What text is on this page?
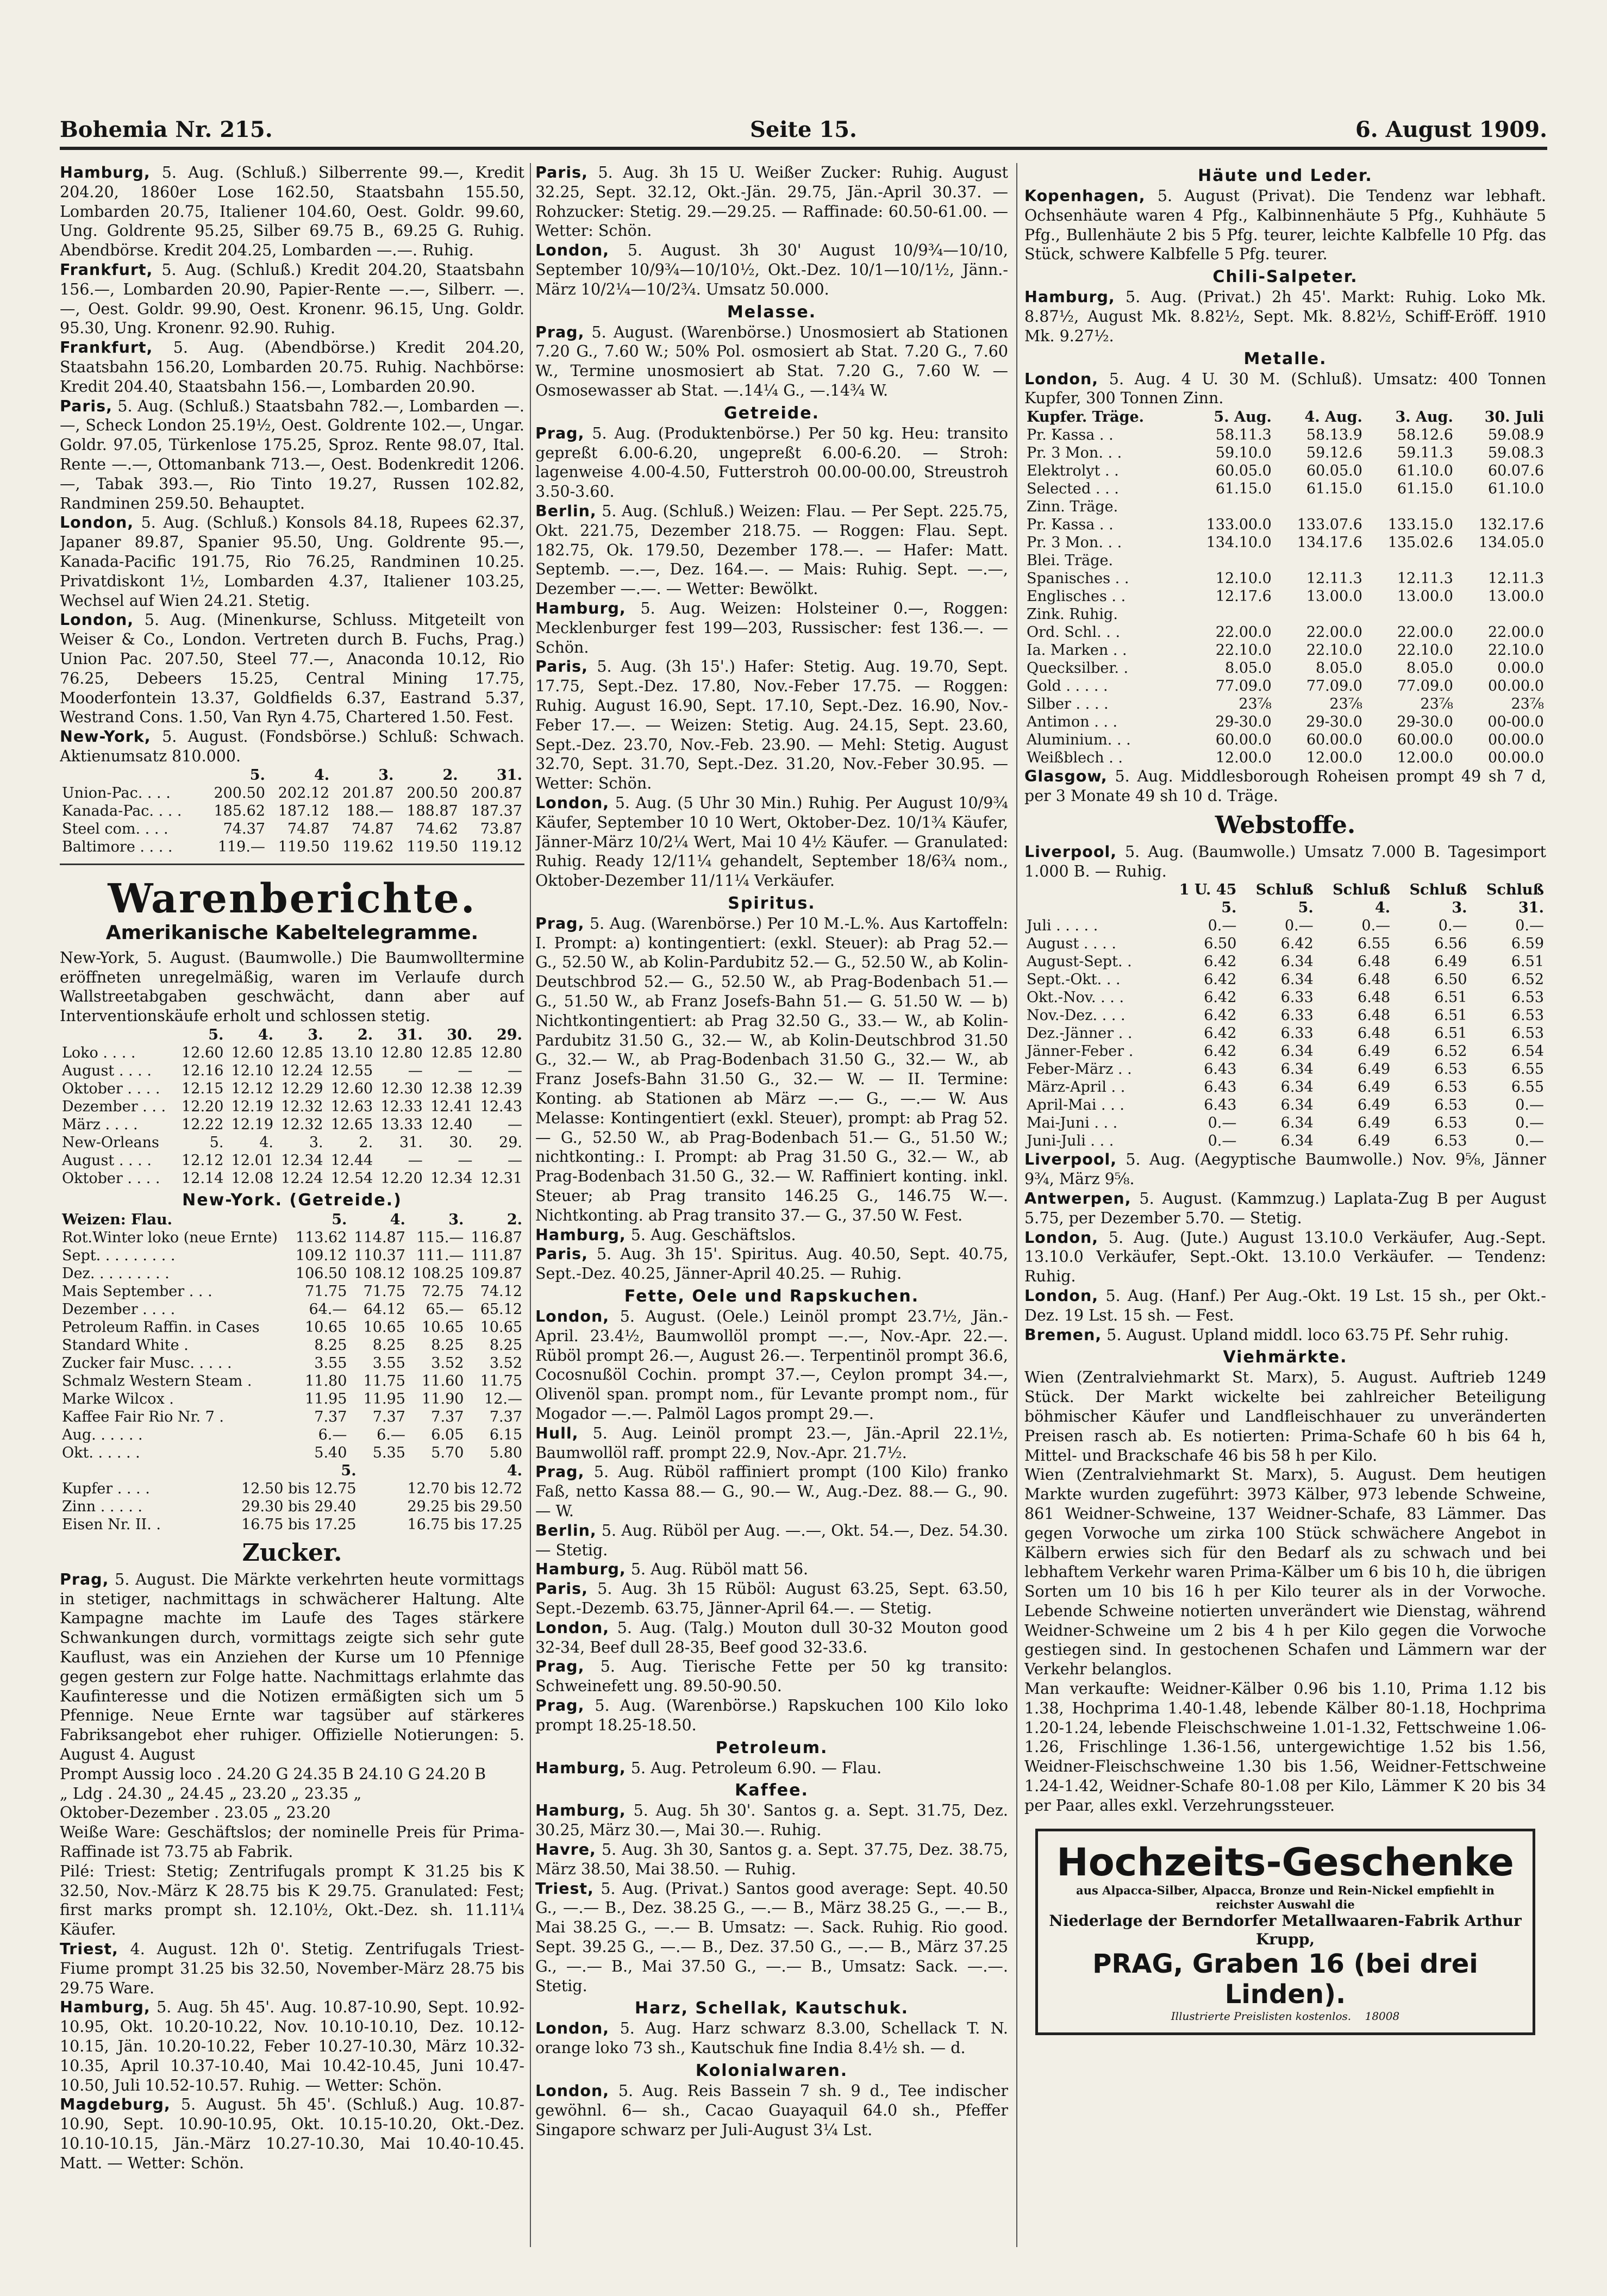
Bohemia Nr. 215.	Seite 15.	6. August 1909.

Hamburg, 5. Aug. (Schluß.) Silberrente 99.—, Kredit 204.20, 1860er Lose 162.50, Staatsbahn 155.50, Lombarden 20.75, Italiener 104.60, Oest. Goldr. 99.60, Ung. Goldrente 95.25, Silber 69.75 B., 69.25 G. Ruhig. Abendbörse. Kredit 204.25, Lombarden —.—. Ruhig.

Frankfurt, 5. Aug. (Schluß.) Kredit 204.20, Staatsbahn 156.—, Lombarden 20.90, Papier-Rente —.—, Silberr. —.—, Oest. Goldr. 99.90, Oest. Kronenr. 96.15, Ung. Goldr. 95.30, Ung. Kronenr. 92.90. Ruhig.

Frankfurt, 5. Aug. (Abendbörse.) Kredit 204.20, Staatsbahn 156.20, Lombarden 20.75. Ruhig. Nachbörse: Kredit 204.40, Staatsbahn 156.—, Lombarden 20.90.

Paris, 5. Aug. (Schluß.) Staatsbahn 782.—, Lombarden —.—, Scheck London 25.19½, Oest. Goldrente 102.—, Ungar. Goldr. 97.05, Türkenlose 175.25, Sproz. Rente 98.07, Ital. Rente —.—, Ottomanbank 713.—, Oest. Bodenkredit 1206.—, Tabak 393.—, Rio Tinto 19.27, Russen 102.82, Randminen 259.50. Behauptet.

London, 5. Aug. (Schluß.) Konsols 84.18, Rupees 62.37, Japaner 89.87, Spanier 95.50, Ung. Goldrente 95.—, Kanada-Pacific 191.75, Rio 76.25, Randminen 10.25. Privatdiskont 1½, Lombarden 4.37, Italiener 103.25, Wechsel auf Wien 24.21. Stetig.

London, 5. Aug. (Minenkurse, Schluss. Mitgeteilt von Weiser & Co., London. Vertreten durch B. Fuchs, Prag.) Union Pac. 207.50, Steel 77.—, Anaconda 10.12, Rio 76.25, Debeers 15.25, Central Mining 17.75, Mooderfontein 13.37, Goldfields 6.37, Eastrand 5.37, Westrand Cons. 1.50, Van Ryn 4.75, Chartered 1.50. Fest.

New-York, 5. August. (Fondsbörse.) Schluß: Schwach. Aktienumsatz 810.000.

	5.	4.	3.	2.	31.
Union-Pac. . . .	200.50	202.12	201.87	200.50	200.87
Kanada-Pac. . . .	185.62	187.12	188.—	188.87	187.37
Steel com. . . .	74.37	74.87	74.87	74.62	73.87
Baltimore . . . .	119.—	119.50	119.62	119.50	119.12
Warenberichte.
Amerikanische Kabeltelegramme.

New-York, 5. August. (Baumwolle.) Die Baumwolltermine eröffneten unregelmäßig, waren im Verlaufe durch Wallstreetabgaben geschwächt, dann aber auf Interventionskäufe erholt und schlossen stetig.

	5.	4.	3.	2.	31.	30.	29.
Loko . . . .	12.60	12.60	12.85	13.10	12.80	12.85	12.80
August . . . .	12.16	12.10	12.24	12.55	—	—	—
Oktober . . . .	12.15	12.12	12.29	12.60	12.30	12.38	12.39
Dezember . . .	12.20	12.19	12.32	12.63	12.33	12.41	12.43
März . . . .	12.22	12.19	12.32	12.65	13.33	12.40	—
New-Orleans	5.	4.	3.	2.	31.	30.	29.
August . . . .	12.12	12.01	12.34	12.44	—	—	—
Oktober . . . .	12.14	12.08	12.24	12.54	12.20	12.34	12.31
New-York. (Getreide.)
Weizen: Flau.	5.	4.	3.	2.
Rot.Winter loko (neue Ernte)	113.62	114.87	115.—	116.87
Sept. . . . . . . . .	109.12	110.37	111.—	111.87
Dez. . . . . . . . .	106.50	108.12	108.25	109.87
Mais September . . .	71.75	71.75	72.75	74.12
Dezember . . . .	64.—	64.12	65.—	65.12
Petroleum Raffin. in Cases	10.65	10.65	10.65	10.65
Standard White .	8.25	8.25	8.25	8.25
Zucker fair Musc. . . . .	3.55	3.55	3.52	3.52
Schmalz Western Steam .	11.80	11.75	11.60	11.75
Marke Wilcox .	11.95	11.95	11.90	12.—
Kaffee Fair Rio Nr. 7 .	7.37	7.37	7.37	7.37
Aug. . . . . .	6.—	6.—	6.05	6.15
Okt. . . . . .	5.40	5.35	5.70	5.80
	5.		4.
Kupfer . . . .	12.50 bis 12.75		12.70 bis 12.72
Zinn . . . . .	29.30 bis 29.40		29.25 bis 29.50
Eisen Nr. II. .	16.75 bis 17.25		16.75 bis 17.25
Zucker.

Prag, 5. August. Die Märkte verkehrten heute vormittags in stetiger, nachmittags in schwächerer Haltung. Alte Kampagne machte im Laufe des Tages stärkere Schwankungen durch, vormittags zeigte sich sehr gute Kauflust, was ein Anziehen der Kurse um 10 Pfennige gegen gestern zur Folge hatte. Nachmittags erlahmte das Kaufinteresse und die Notizen ermäßigten sich um 5 Pfennige. Neue Ernte war tagsüber auf stärkeres Fabriksangebot eher ruhiger. Offizielle Notierungen: 5. August 4. August

Prompt Aussig loco . 24.20 G 24.35 B 24.10 G 24.20 B

„ Ldg . 24.30 „ 24.45 „ 23.20 „ 23.35 „

Oktober-Dezember . 23.05 „ 23.20

Weiße Ware: Geschäftslos; der nominelle Preis für Prima-Raffinade ist 73.75 ab Fabrik.

Pilé: Triest: Stetig; Zentrifugals prompt K 31.25 bis K 32.50, Nov.-März K 28.75 bis K 29.75. Granulated: Fest; first marks prompt sh. 12.10½, Okt.-Dez. sh. 11.11¼ Käufer.

Triest, 4. August. 12h 0'. Stetig. Zentrifugals Triest-Fiume prompt 31.25 bis 32.50, November-März 28.75 bis 29.75 Ware.

Hamburg, 5. Aug. 5h 45'. Aug. 10.87-10.90, Sept. 10.92-10.95, Okt. 10.20-10.22, Nov. 10.10-10.10, Dez. 10.12-10.15, Jän. 10.20-10.22, Feber 10.27-10.30, März 10.32-10.35, April 10.37-10.40, Mai 10.42-10.45, Juni 10.47-10.50, Juli 10.52-10.57. Ruhig. — Wetter: Schön.

Magdeburg, 5. August. 5h 45'. (Schluß.) Aug. 10.87-10.90, Sept. 10.90-10.95, Okt. 10.15-10.20, Okt.-Dez. 10.10-10.15, Jän.-März 10.27-10.30, Mai 10.40-10.45. Matt. — Wetter: Schön.

Paris, 5. Aug. 3h 15 U. Weißer Zucker: Ruhig. August 32.25, Sept. 32.12, Okt.-Jän. 29.75, Jän.-April 30.37. — Rohzucker: Stetig. 29.—29.25. — Raffinade: 60.50-61.00. — Wetter: Schön.

London, 5. August. 3h 30' August 10/9¾—10/10, September 10/9¾—10/10½, Okt.-Dez. 10/1—10/1½, Jänn.-März 10/2¼—10/2¾. Umsatz 50.000.

Melasse.

Prag, 5. August. (Warenbörse.) Unosmosiert ab Stationen 7.20 G., 7.60 W.; 50% Pol. osmosiert ab Stat. 7.20 G., 7.60 W., Termine unosmosiert ab Stat. 7.20 G., 7.60 W. — Osmosewasser ab Stat. —.14¼ G., —.14¾ W.

Getreide.

Prag, 5. Aug. (Produktenbörse.) Per 50 kg. Heu: transito gepreßt 6.00-6.20, ungepreßt 6.00-6.20. — Stroh: lagenweise 4.00-4.50, Futterstroh 00.00-00.00, Streustroh 3.50-3.60.

Berlin, 5. Aug. (Schluß.) Weizen: Flau. — Per Sept. 225.75, Okt. 221.75, Dezember 218.75. — Roggen: Flau. Sept. 182.75, Ok. 179.50, Dezember 178.—. — Hafer: Matt. Septemb. —.—, Dez. 164.—. — Mais: Ruhig. Sept. —.—, Dezember —.—. — Wetter: Bewölkt.

Hamburg, 5. Aug. Weizen: Holsteiner 0.—, Roggen: Mecklenburger fest 199—203, Russischer: fest 136.—. — Schön.

Paris, 5. Aug. (3h 15'.) Hafer: Stetig. Aug. 19.70, Sept. 17.75, Sept.-Dez. 17.80, Nov.-Feber 17.75. — Roggen: Ruhig. August 16.90, Sept. 17.10, Sept.-Dez. 16.90, Nov.-Feber 17.—. — Weizen: Stetig. Aug. 24.15, Sept. 23.60, Sept.-Dez. 23.70, Nov.-Feb. 23.90. — Mehl: Stetig. August 32.70, Sept. 31.70, Sept.-Dez. 31.20, Nov.-Feber 30.95. — Wetter: Schön.

London, 5. Aug. (5 Uhr 30 Min.) Ruhig. Per August 10/9¾ Käufer, September 10 10 Wert, Oktober-Dez. 10/1¾ Käufer, Jänner-März 10/2¼ Wert, Mai 10 4½ Käufer. — Granulated: Ruhig. Ready 12/11¼ gehandelt, September 18/6¾ nom., Oktober-Dezember 11/11¼ Verkäufer.

Spiritus.

Prag, 5. Aug. (Warenbörse.) Per 10 M.-L.%. Aus Kartoffeln: I. Prompt: a) kontingentiert: (exkl. Steuer): ab Prag 52.— G., 52.50 W., ab Kolin-Pardubitz 52.— G., 52.50 W., ab Kolin-Deutschbrod 52.— G., 52.50 W., ab Prag-Bodenbach 51.— G., 51.50 W., ab Franz Josefs-Bahn 51.— G. 51.50 W. — b) Nichtkontingentiert: ab Prag 32.50 G., 33.— W., ab Kolin-Pardubitz 31.50 G., 32.— W., ab Kolin-Deutschbrod 31.50 G., 32.— W., ab Prag-Bodenbach 31.50 G., 32.— W., ab Franz Josefs-Bahn 31.50 G., 32.— W. — II. Termine: Konting. ab Stationen ab März —.— G., —.— W. Aus Melasse: Kontingentiert (exkl. Steuer), prompt: ab Prag 52.— G., 52.50 W., ab Prag-Bodenbach 51.— G., 51.50 W.; nichtkonting.: I. Prompt: ab Prag 31.50 G., 32.— W., ab Prag-Bodenbach 31.50 G., 32.— W. Raffiniert konting. inkl. Steuer; ab Prag transito 146.25 G., 146.75 W.—. Nichtkonting. ab Prag transito 37.— G., 37.50 W. Fest.

Hamburg, 5. Aug. Geschäftslos.

Paris, 5. Aug. 3h 15'. Spiritus. Aug. 40.50, Sept. 40.75, Sept.-Dez. 40.25, Jänner-April 40.25. — Ruhig.

Fette, Oele und Rapskuchen.

London, 5. August. (Oele.) Leinöl prompt 23.7½, Jän.-April. 23.4½, Baumwollöl prompt —.—, Nov.-Apr. 22.—. Rüböl prompt 26.—, August 26.—. Terpentinöl prompt 36.6, Cocosnußöl Cochin. prompt 37.—, Ceylon prompt 34.—, Olivenöl span. prompt nom., für Levante prompt nom., für Mogador —.—. Palmöl Lagos prompt 29.—.

Hull, 5. Aug. Leinöl prompt 23.—, Jän.-April 22.1½, Baumwollöl raff. prompt 22.9, Nov.-Apr. 21.7½.

Prag, 5. Aug. Rüböl raffiniert prompt (100 Kilo) franko Faß, netto Kassa 88.— G., 90.— W., Aug.-Dez. 88.— G., 90.— W.

Berlin, 5. Aug. Rüböl per Aug. —.—, Okt. 54.—, Dez. 54.30. — Stetig.

Hamburg, 5. Aug. Rüböl matt 56.

Paris, 5. Aug. 3h 15 Rüböl: August 63.25, Sept. 63.50, Sept.-Dezemb. 63.75, Jänner-April 64.—. — Stetig.

London, 5. Aug. (Talg.) Mouton dull 30-32 Mouton good 32-34, Beef dull 28-35, Beef good 32-33.6.

Prag, 5. Aug. Tierische Fette per 50 kg transito: Schweinefett ung. 89.50-90.50.

Prag, 5. Aug. (Warenbörse.) Rapskuchen 100 Kilo loko prompt 18.25-18.50.

Petroleum.

Hamburg, 5. Aug. Petroleum 6.90. — Flau.

Kaffee.

Hamburg, 5. Aug. 5h 30'. Santos g. a. Sept. 31.75, Dez. 30.25, März 30.—, Mai 30.—. Ruhig.

Havre, 5. Aug. 3h 30, Santos g. a. Sept. 37.75, Dez. 38.75, März 38.50, Mai 38.50. — Ruhig.

Triest, 5. Aug. (Privat.) Santos good average: Sept. 40.50 G., —.— B., Dez. 38.25 G., —.— B., März 38.25 G., —.— B., Mai 38.25 G., —.— B. Umsatz: —. Sack. Ruhig. Rio good. Sept. 39.25 G., —.— B., Dez. 37.50 G., —.— B., März 37.25 G., —.— B., Mai 37.50 G., —.— B., Umsatz: Sack. —.—. Stetig.

Harz, Schellak, Kautschuk.

London, 5. Aug. Harz schwarz 8.3.00, Schellack T. N. orange loko 73 sh., Kautschuk fine India 8.4½ sh. — d.

Kolonialwaren.

London, 5. Aug. Reis Bassein 7 sh. 9 d., Tee indischer gewöhnl. 6— sh., Cacao Guayaquil 64.0 sh., Pfeffer Singapore schwarz per Juli-August 3¼ Lst.

Häute und Leder.

Kopenhagen, 5. August (Privat). Die Tendenz war lebhaft. Ochsenhäute waren 4 Pfg., Kalbinnenhäute 5 Pfg., Kuhhäute 5 Pfg., Bullenhäute 2 bis 5 Pfg. teurer, leichte Kalbfelle 10 Pfg. das Stück, schwere Kalbfelle 5 Pfg. teurer.

Chili-Salpeter.

Hamburg, 5. Aug. (Privat.) 2h 45'. Markt: Ruhig. Loko Mk. 8.87½, August Mk. 8.82½, Sept. Mk. 8.82½, Schiff-Eröff. 1910 Mk. 9.27½.

Metalle.

London, 5. Aug. 4 U. 30 M. (Schluß). Umsatz: 400 Tonnen Kupfer, 300 Tonnen Zinn.

Kupfer. Träge.	5. Aug.	4. Aug.	3. Aug.	30. Juli
Pr. Kassa . .	58.11.3	58.13.9	58.12.6	59.08.9
Pr. 3 Mon. . .	59.10.0	59.12.6	59.11.3	59.08.3
Elektrolyt . .	60.05.0	60.05.0	61.10.0	60.07.6
Selected . . .	61.15.0	61.15.0	61.15.0	61.10.0
Zinn. Träge.				
Pr. Kassa . .	133.00.0	133.07.6	133.15.0	132.17.6
Pr. 3 Mon. . .	134.10.0	134.17.6	135.02.6	134.05.0
Blei. Träge.				
Spanisches . .	12.10.0	12.11.3	12.11.3	12.11.3
Englisches . .	12.17.6	13.00.0	13.00.0	13.00.0
Zink. Ruhig.				
Ord. Schl. . .	22.00.0	22.00.0	22.00.0	22.00.0
Ia. Marken . .	22.10.0	22.10.0	22.10.0	22.10.0
Quecksilber. .	8.05.0	8.05.0	8.05.0	0.00.0
Gold . . . . .	77.09.0	77.09.0	77.09.0	00.00.0
Silber . . . .	23⅞	23⅞	23⅞	23⅞
Antimon . . .	29-30.0	29-30.0	29-30.0	00-00.0
Aluminium. . .	60.00.0	60.00.0	60.00.0	00.00.0
Weißblech . .	12.00.0	12.00.0	12.00.0	00.00.0

Glasgow, 5. Aug. Middlesborough Roheisen prompt 49 sh 7 d, per 3 Monate 49 sh 10 d. Träge.

Webstoffe.

Liverpool, 5. Aug. (Baumwolle.) Umsatz 7.000 B. Tagesimport 1.000 B. — Ruhig.

	1 U. 45	Schluß	Schluß	Schluß	Schluß
	5.	5.	4.	3.	31.
Juli . . . . .	0.—	0.—	0.—	0.—	0.—
August . . . .	6.50	6.42	6.55	6.56	6.59
August-Sept. .	6.42	6.34	6.48	6.49	6.51
Sept.-Okt. . .	6.42	6.34	6.48	6.50	6.52
Okt.-Nov. . . .	6.42	6.33	6.48	6.51	6.53
Nov.-Dez. . . .	6.42	6.33	6.48	6.51	6.53
Dez.-Jänner . .	6.42	6.33	6.48	6.51	6.53
Jänner-Feber .	6.42	6.34	6.49	6.52	6.54
Feber-März . .	6.43	6.34	6.49	6.53	6.55
März-April . .	6.43	6.34	6.49	6.53	6.55
April-Mai . . .	6.43	6.34	6.49	6.53	0.—
Mai-Juni . . .	0.—	6.34	6.49	6.53	0.—
Juni-Juli . . .	0.—	6.34	6.49	6.53	0.—

Liverpool, 5. Aug. (Aegyptische Baumwolle.) Nov. 9⅝, Jänner 9¾, März 9⅝.

Antwerpen, 5. August. (Kammzug.) Laplata-Zug B per August 5.75, per Dezember 5.70. — Stetig.

London, 5. Aug. (Jute.) August 13.10.0 Verkäufer, Aug.-Sept. 13.10.0 Verkäufer, Sept.-Okt. 13.10.0 Verkäufer. — Tendenz: Ruhig.

London, 5. Aug. (Hanf.) Per Aug.-Okt. 19 Lst. 15 sh., per Okt.-Dez. 19 Lst. 15 sh. — Fest.

Bremen, 5. August. Upland middl. loco 63.75 Pf. Sehr ruhig.

Viehmärkte.

Wien (Zentralviehmarkt St. Marx), 5. August. Auftrieb 1249 Stück. Der Markt wickelte bei zahlreicher Beteiligung böhmischer Käufer und Landfleischhauer zu unveränderten Preisen rasch ab. Es notierten: Prima-Schafe 60 h bis 64 h, Mittel- und Brackschafe 46 bis 58 h per Kilo.

Wien (Zentralviehmarkt St. Marx), 5. August. Dem heutigen Markte wurden zugeführt: 3973 Kälber, 973 lebende Schweine, 861 Weidner-Schweine, 137 Weidner-Schafe, 83 Lämmer. Das gegen Vorwoche um zirka 100 Stück schwächere Angebot in Kälbern erwies sich für den Bedarf als zu schwach und bei lebhaftem Verkehr waren Prima-Kälber um 6 bis 10 h, die übrigen Sorten um 10 bis 16 h per Kilo teurer als in der Vorwoche. Lebende Schweine notierten unverändert wie Dienstag, während Weidner-Schweine um 2 bis 4 h per Kilo gegen die Vorwoche gestiegen sind. In gestochenen Schafen und Lämmern war der Verkehr belanglos.

Man verkaufte: Weidner-Kälber 0.96 bis 1.10, Prima 1.12 bis 1.38, Hochprima 1.40-1.48, lebende Kälber 80-1.18, Hochprima 1.20-1.24, lebende Fleischschweine 1.01-1.32, Fettschweine 1.06-1.26, Frischlinge 1.36-1.56, untergewichtige 1.52 bis 1.56, Weidner-Fleischschweine 1.30 bis 1.56, Weidner-Fettschweine 1.24-1.42, Weidner-Schafe 80-1.08 per Kilo, Lämmer K 20 bis 34 per Paar, alles exkl. Verzehrungssteuer.

Hochzeits-Geschenke
aus Alpacca-Silber, Alpacca, Bronze und Rein-Nickel empfiehlt in reichster Auswahl die
Niederlage der Berndorfer Metallwaaren-Fabrik Arthur Krupp,
PRAG, Graben 16 (bei drei Linden).
Illustrierte Preislisten kostenlos. 18008
